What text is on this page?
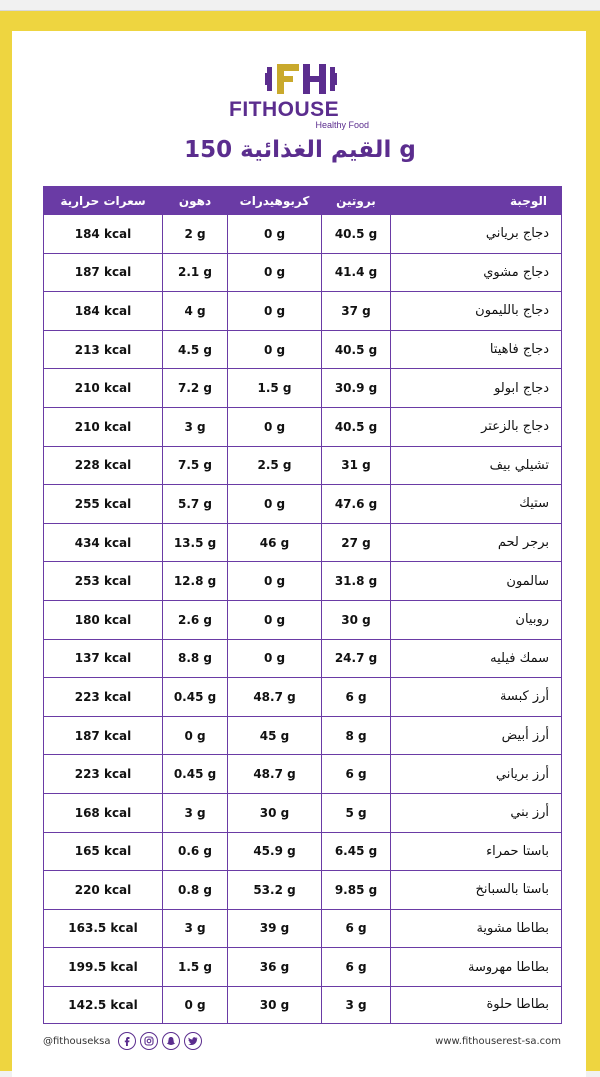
FITHOUSE
Healthy Food
القيم الغذائية 150 g
الوجبة	بروتين	كربوهيدرات	دهون	سعرات حرارية
دجاج برياني	40.5 g	0 g	2 g	184 kcal
دجاج مشوي	41.4 g	0 g	2.1 g	187 kcal
دجاج بالليمون	37 g	0 g	4 g	184 kcal
دجاج فاهيتا	40.5 g	0 g	4.5 g	213 kcal
دجاج ابولو	30.9 g	1.5 g	7.2 g	210 kcal
دجاج بالزعتر	40.5 g	0 g	3 g	210 kcal
تشيلي بيف	31 g	2.5 g	7.5 g	228 kcal
ستيك	47.6 g	0 g	5.7 g	255 kcal
برجر لحم	27 g	46 g	13.5 g	434 kcal
سالمون	31.8 g	0 g	12.8 g	253 kcal
روبيان	30 g	0 g	2.6 g	180 kcal
سمك فيليه	24.7 g	0 g	8.8 g	137 kcal
أرز كبسة	6 g	48.7 g	0.45 g	223 kcal
أرز أبيض	8 g	45 g	0 g	187 kcal
أرز برياني	6 g	48.7 g	0.45 g	223 kcal
أرز بني	5 g	30 g	3 g	168 kcal
باستا حمراء	6.45 g	45.9 g	0.6 g	165 kcal
باستا بالسبانخ	9.85 g	53.2 g	0.8 g	220 kcal
بطاطا مشوية	6 g	39 g	3 g	163.5 kcal
بطاطا مهروسة	6 g	36 g	1.5 g	199.5 kcal
بطاطا حلوة	3 g	30 g	0 g	142.5 kcal
@fithouseksa	www.fithouserest-sa.com
